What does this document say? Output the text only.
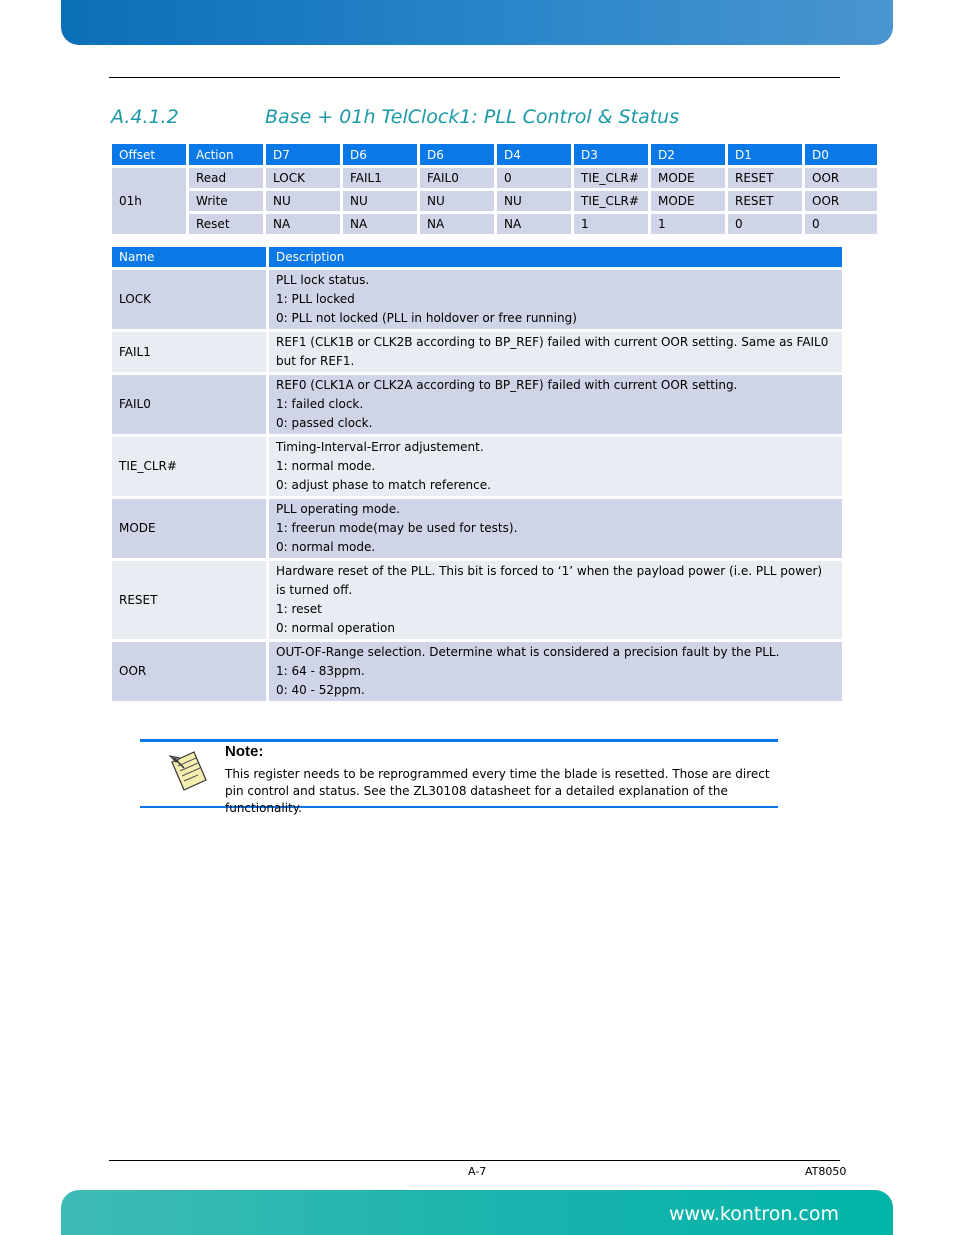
A.4.1.2	Base + 01h TelClock1: PLL Control & Status
Offset	Action	D7	D6	D6	D4	D3	D2	D1	D0
01h	Read	LOCK	FAIL1	FAIL0	0	TIE_CLR#	MODE	RESET	OOR
	Write	NU	NU	NU	NU	TIE_CLR#	MODE	RESET	OOR
	Reset	NA	NA	NA	NA	1	1	0	0
Name	Description
LOCK	PLL lock status.
1: PLL locked
0: PLL not locked (PLL in holdover or free running)

FAIL1	REF1 (CLK1B or CLK2B according to BP_REF) failed with current OOR setting. Same as FAIL0 but for REF1.

FAIL0	REF0 (CLK1A or CLK2A according to BP_REF) failed with current OOR setting.
1: failed clock.
0: passed clock.

TIE_CLR#	Timing-Interval-Error adjustement.
1: normal mode.
0: adjust phase to match reference.

MODE	PLL operating mode.
1: freerun mode(may be used for tests).
0: normal mode.

RESET	Hardware reset of the PLL. This bit is forced to ‘1’ when the payload power (i.e. PLL power) is turned off.
1: reset
0: normal operation

OOR	OUT-OF-Range selection. Determine what is considered a precision fault by the PLL.
1: 64 - 83ppm.
0: 40 - 52ppm.
Note:
This register needs to be reprogrammed every time the blade is resetted. Those are direct pin control and status. See the ZL30108 datasheet for a detailed explanation of the functionality.
A-7	AT8050
www.kontron.com
